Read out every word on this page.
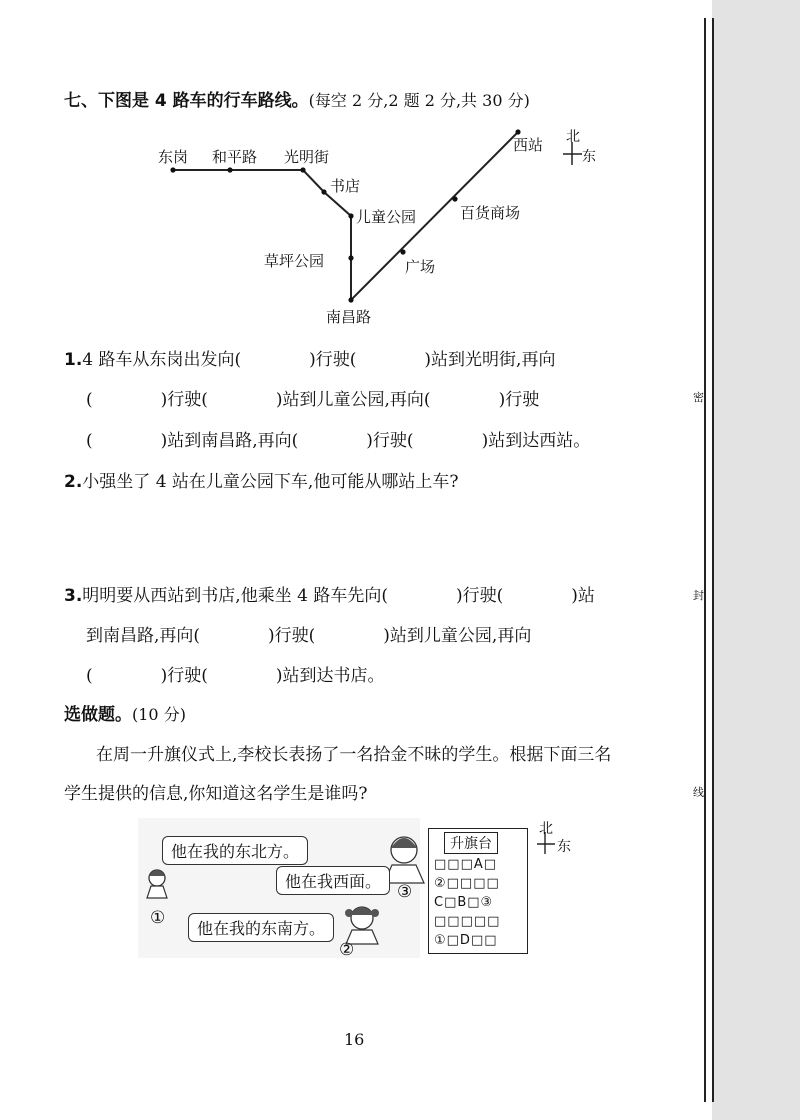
密
封
线
七、下图是 4 路车的行车路线。(每空 2 分,2 题 2 分,共 30 分)
东岗 和平路 光明街
书店
儿童公园
草坪公园
南昌路
广场
百货商场
西站 北
东
1.4 路车从东岗出发向(　　　　)行驶(　　　　)站到光明街,再向
(　　　　)行驶(　　　　)站到儿童公园,再向(　　　　)行驶
(　　　　)站到南昌路,再向(　　　　)行驶(　　　　)站到达西站。
2.小强坐了 4 站在儿童公园下车,他可能从哪站上车?
3.明明要从西站到书店,他乘坐 4 路车先向(　　　　)行驶(　　　　)站
到南昌路,再向(　　　　)行驶(　　　　)站到儿童公园,再向
(　　　　)行驶(　　　　)站到达书店。
选做题。(10 分)
在周一升旗仪式上,李校长表扬了一名拾金不昧的学生。根据下面三名
学生提供的信息,你知道这名学生是谁吗?
他在我的东北方。
他在我西面。
他在我的东南方。
①
②
③
升旗台
□□□A□
②□□□□
C□B□③
□□□□□
①□D□□
北
东
16
